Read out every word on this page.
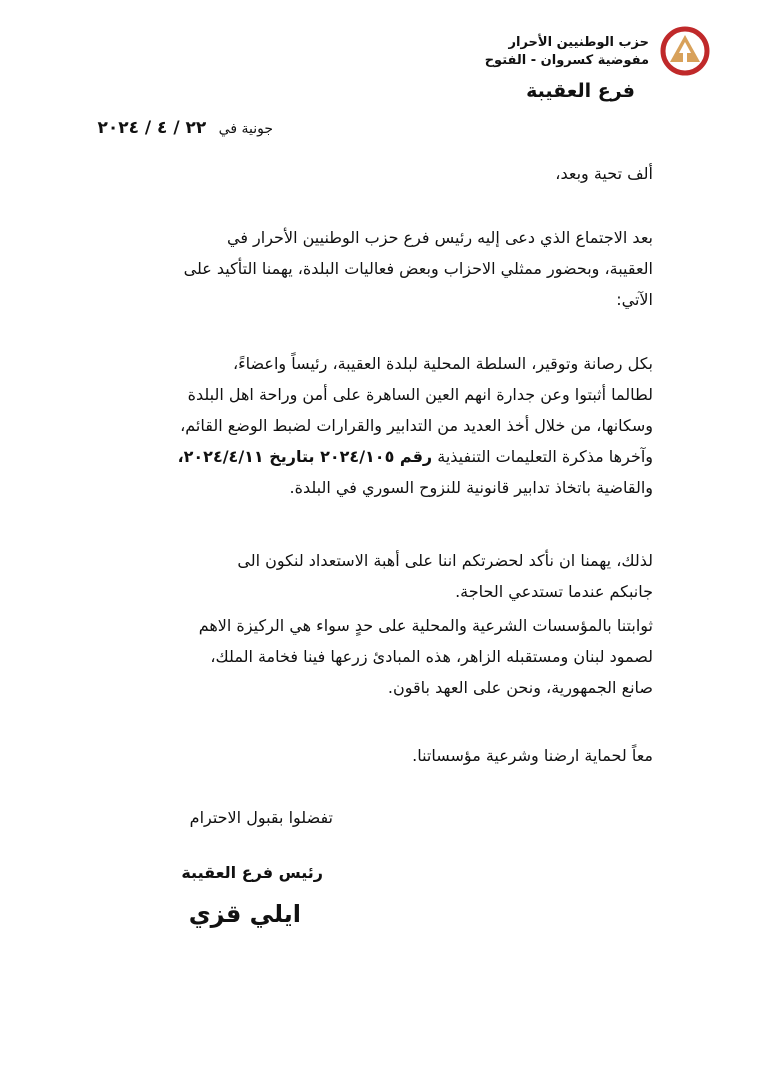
حزب الوطنيين الأحرار
مفوضية كسروان - الفتوح
فرع العقيبة
جونية في ٢٢ / ٤ / ٢٠٢٤
ألف تحية وبعد،
بعد الاجتماع الذي دعى إليه رئيس فرع حزب الوطنيين الأحرار في
العقيبة، وبحضور ممثلي الاحزاب وبعض فعاليات البلدة، يهمنا التأكيد على
الآتي:
بكل رصانة وتوقير، السلطة المحلية لبلدة العقيبة، رئيساً واعضاءً،
لطالما أثبتوا وعن جدارة انهم العين الساهرة على أمن وراحة اهل البلدة
وسكانها، من خلال أخذ العديد من التدابير والقرارات لضبط الوضع القائم،
وآخرها مذكرة التعليمات التنفيذية رقم ٢٠٢٤/١٠٥ بتاريخ ٢٠٢٤/٤/١١،
والقاضية باتخاذ تدابير قانونية للنزوح السوري في البلدة.
لذلك، يهمنا ان نأكد لحضرتكم اننا على أهبة الاستعداد لنكون الى
جانبكم عندما تستدعي الحاجة.
ثوابتنا بالمؤسسات الشرعية والمحلية على حدٍ سواء هي الركيزة الاهم
لصمود لبنان ومستقبله الزاهر، هذه المبادئ زرعها فينا فخامة الملك،
صانع الجمهورية، ونحن على العهد باقون.
معاً لحماية ارضنا وشرعية مؤسساتنا.
تفضلوا بقبول الاحترام
رئيس فرع العقيبة
ايلي قزي
